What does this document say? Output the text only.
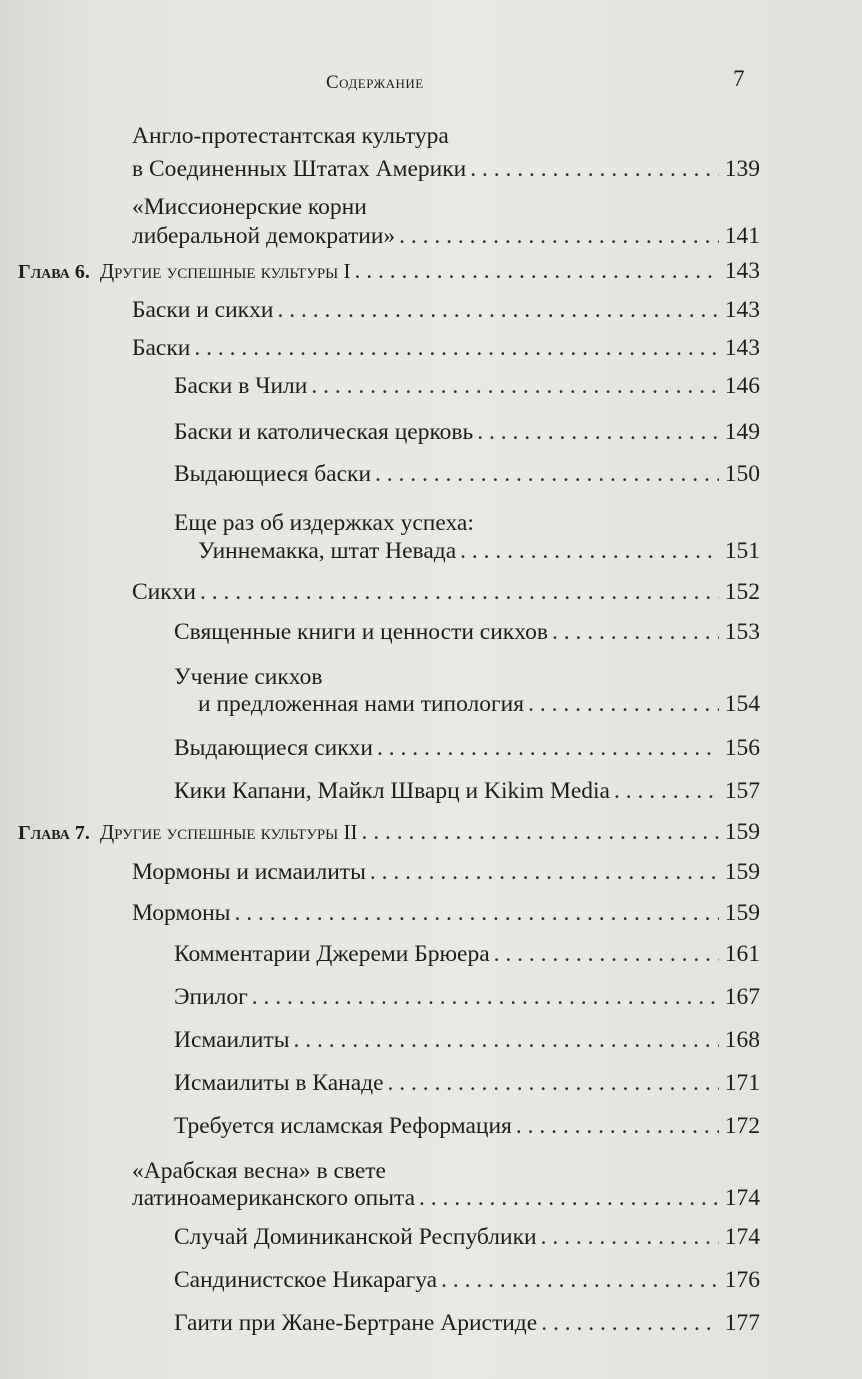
Содержание	7
Англо-протестантская культура
в Соединенных Штатах Америки . . .	139
«Миссионерские корни
либеральной демократии» . . .	141
Глава 6. Другие успешные культуры I . . .	143
Баски и сикхи . . .	143
Баски . . .	143
Баски в Чили . . .	146
Баски и католическая церковь . . .	149
Выдающиеся баски . . .	150
Еще раз об издержках успеха:
Уиннемакка, штат Невада . . .	151
Сикхи . . .	152
Священные книги и ценности сикхов . . .	153
Учение сикхов
и предложенная нами типология . . .	154
Выдающиеся сикхи . . .	156
Кики Капани, Майкл Шварц и Kikim Media . . .	157
Глава 7. Другие успешные культуры II . . .	159
Мормоны и исмаилиты . . .	159
Мормоны . . .	159
Комментарии Джереми Брюера . . .	161
Эпилог . . .	167
Исмаилиты . . .	168
Исмаилиты в Канаде . . .	171
Требуется исламская Реформация . . .	172
«Арабская весна» в свете
латиноамериканского опыта . . .	174
Случай Доминиканской Республики . . .	174
Сандинистское Никарагуа . . .	176
Гаити при Жане-Бертране Аристиде . . .	177
